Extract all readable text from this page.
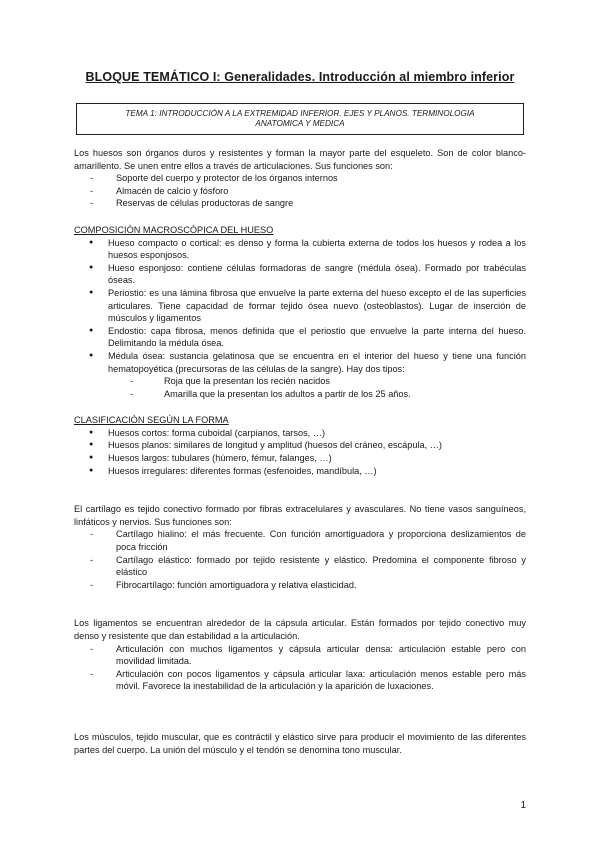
BLOQUE TEMÁTICO I: Generalidades. Introducción al miembro inferior
TEMA 1: INTRODUCCIÓN A LA EXTREMIDAD INFERIOR. EJES Y PLANOS. TERMINOLOGIA
ANATOMICA Y MEDICA

Los huesos son órganos duros y resistentes y forman la mayor parte del esqueleto. Son de color blanco- amarillento. Se unen entre ellos a través de articulaciones. Sus funciones son:

- Soporte del cuerpo y protector de los órganos internos
- Almacén de calcio y fósforo
- Reservas de células productoras de sangre

COMPOSICIÓN MACROSCÓPICA DEL HUESO

● Hueso compacto o cortical: es denso y forma la cubierta externa de todos los huesos y rodea a los huesos esponjosos.
● Hueso esponjoso: contiene células formadoras de sangre (médula ósea). Formado por trabéculas óseas.
● Periostio: es una lámina fibrosa que envuelve la parte externa del hueso excepto el de las superficies articulares. Tiene capacidad de formar tejido ósea nuevo (osteoblastos). Lugar de inserción de músculos y ligamentos
● Endostio: capa fibrosa, menos definida que el periostio que envuelve la parte interna del hueso. Delimitando la médula ósea.
● Médula ósea: sustancia gelatinosa que se encuentra en el interior del hueso y tiene una función hematopoyética (precursoras de las células de la sangre). Hay dos tipos:
- Roja que la presentan los recién nacidos
- Amarilla que la presentan los adultos a partir de los 25 años.

CLASIFICACIÓN SEGÚN LA FORMA

● Huesos cortos: forma cuboidal (carpianos, tarsos, …)
● Huesos planos: similares de longitud y amplitud (huesos del cráneo, escápula, …)
● Huesos largos: tubulares (húmero, fémur, falanges, …)
● Huesos irregulares: diferentes formas (esfenoides, mandíbula, …)

El cartílago es tejido conectivo formado por fibras extracelulares y avasculares. No tiene vasos sanguíneos, linfáticos y nervios. Sus funciones son:

- Cartílago hialino: el más frecuente. Con función amortiguadora y proporciona deslizamientos de poca fricción
- Cartílago elástico: formado por tejido resistente y elástico. Predomina el componente fibroso y elástico
- Fibrocartílago: función amortiguadora y relativa elasticidad.

Los ligamentos se encuentran alrededor de la cápsula articular. Están formados por tejido conectivo muy denso y resistente que dan estabilidad a la articulación.

- Articulación con muchos ligamentos y cápsula articular densa: articulación estable pero con movilidad limitada.
- Articulación con pocos ligamentos y cápsula articular laxa: articulación menos estable pero más móvil. Favorece la inestabilidad de la articulación y la aparición de luxaciones.

Los músculos, tejido muscular, que es contráctil y elástico sirve para producir el movimiento de las diferentes partes del cuerpo. La unión del músculo y el tendón se denomina tono muscular.

1
